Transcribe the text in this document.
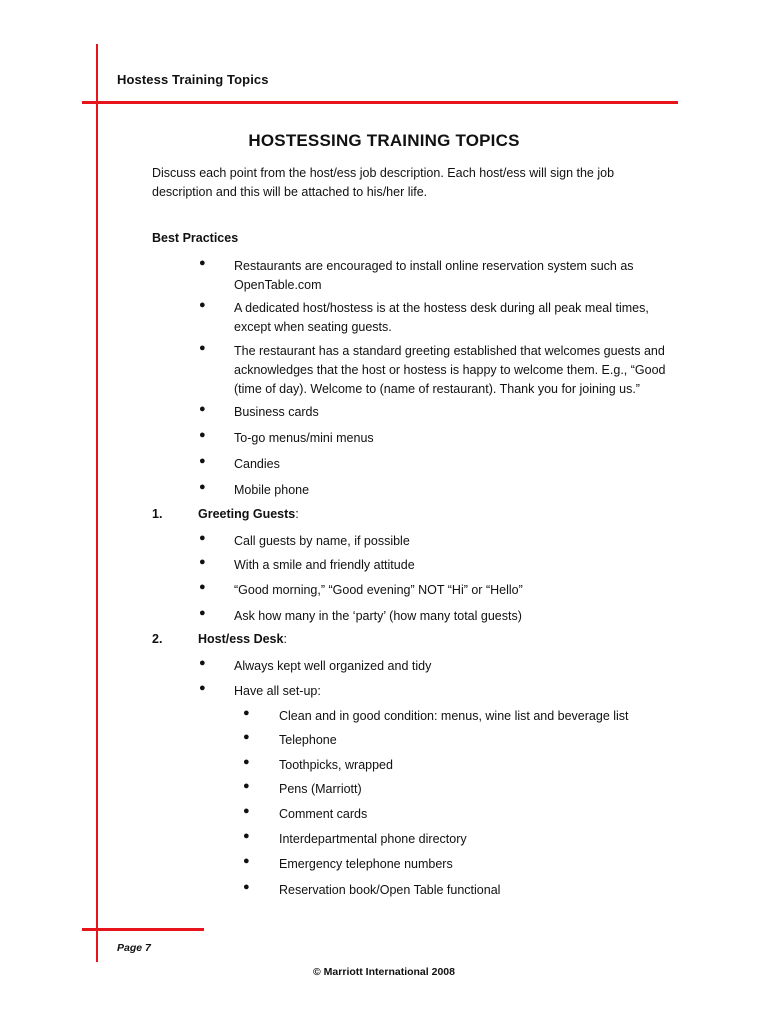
Hostess Training Topics
HOSTESSING TRAINING TOPICS
Discuss each point from the host/ess job description. Each host/ess will sign the job description and this will be attached to his/her life.
Best Practices
● Restaurants are encouraged to install online reservation system such as OpenTable.com
● A dedicated host/hostess is at the hostess desk during all peak meal times, except when seating guests.
● The restaurant has a standard greeting established that welcomes guests and acknowledges that the host or hostess is happy to welcome them. E.g., “Good (time of day). Welcome to (name of restaurant). Thank you for joining us.”
● Business cards
● To-go menus/mini menus
● Candies
● Mobile phone
1.	Greeting Guests:
● Call guests by name, if possible
● With a smile and friendly attitude
● “Good morning,” “Good evening” NOT “Hi” or “Hello”
● Ask how many in the ‘party’ (how many total guests)
2.	Host/ess Desk:
● Always kept well organized and tidy
● Have all set-up:
● Clean and in good condition: menus, wine list and beverage list
● Telephone
● Toothpicks, wrapped
● Pens (Marriott)
● Comment cards
● Interdepartmental phone directory
● Emergency telephone numbers
● Reservation book/Open Table functional
Page 7
© Marriott International 2008
